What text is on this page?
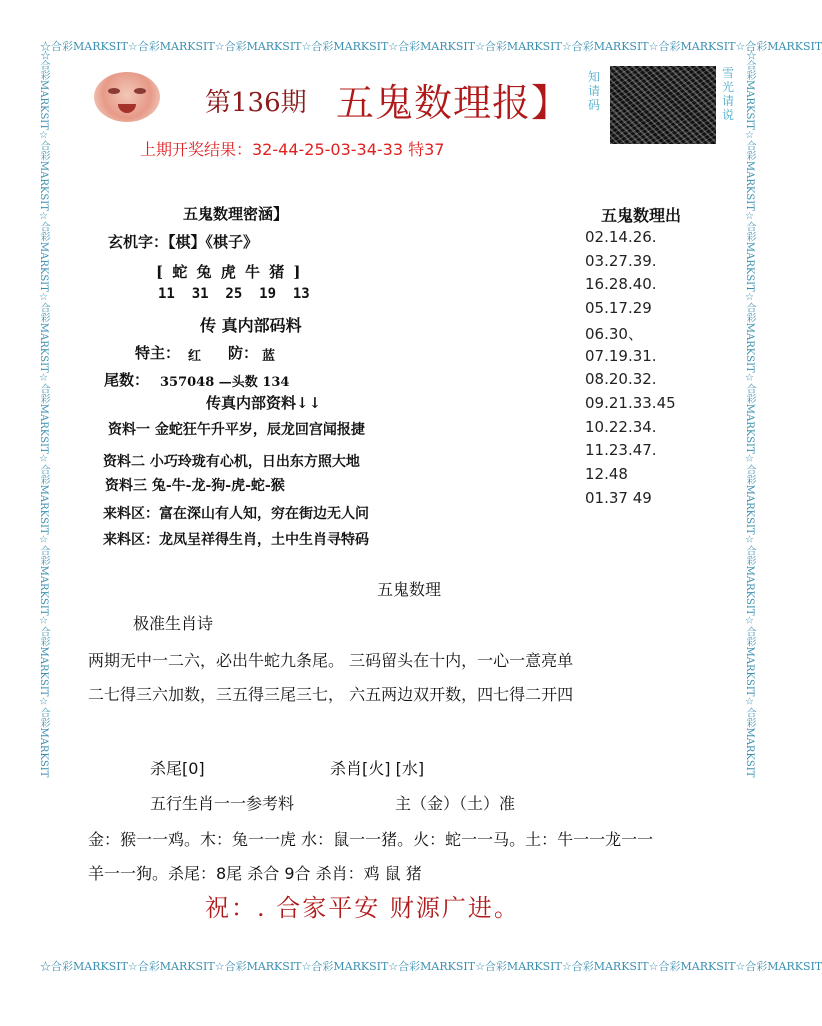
☆合彩MARKSIT☆合彩MARKSIT☆合彩MARKSIT☆合彩MARKSIT☆合彩MARKSIT☆合彩MARKSIT☆合彩MARKSIT☆合彩MARKSIT☆合彩MARKSIT
☆合彩MARKSIT☆合彩MARKSIT☆合彩MARKSIT☆合彩MARKSIT☆合彩MARKSIT☆合彩MARKSIT☆合彩MARKSIT☆合彩MARKSIT☆合彩MARKSIT
☆合彩MARKSIT☆合彩MARKSIT☆合彩MARKSIT☆合彩MARKSIT☆合彩MARKSIT☆合彩MARKSIT☆合彩MARKSIT☆合彩MARKSIT☆合彩MARKSIT	☆合彩MARKSIT☆合彩MARKSIT☆合彩MARKSIT☆合彩MARKSIT☆合彩MARKSIT☆合彩MARKSIT☆合彩MARKSIT☆合彩MARKSIT☆合彩MARKSIT
第136期 五鬼数理报】
知
请
码
雪
光
请
说
上期开奖结果：32-44-25-03-34-33 特37
五鬼数理密涵】
玄机字：【棋】《棋子》
[ 蛇 兔 虎 牛 猪 ]
11  31  25  19  13
传 真内部码料
特主： 红 防： 蓝
尾数： 357048 —头数 134
传真内部资料↓↓
资料一 金蛇狂午升平岁，辰龙回宫闻报捷
资料二 小巧玲珑有心机，日出东方照大地
资料三 兔-牛-龙-狗-虎-蛇-猴
来料区：富在深山有人知，穷在街边无人问
来料区：龙凤呈祥得生肖，土中生肖寻特码
五鬼数理出
02.14.26.
03.27.39.
16.28.40.
05.17.29
06.30、
07.19.31.
08.20.32.
09.21.33.45
10.22.34.
11.23.47.
12.48
01.37 49
五鬼数理
极准生肖诗
两期无中一二六，必出牛蛇九条尾。 三码留头在十内，一心一意亮单
二七得三六加数，三五得三尾三七， 六五两边双开数，四七得二开四
杀尾[0]	杀肖[火] [水]
五行生肖一一参考料	主（金）（土）准
金：猴一一鸡。木：兔一一虎 水：鼠一一猪。火：蛇一一马。土：牛一一龙一一
羊一一狗。杀尾：8尾 杀合 9合 杀肖：鸡 鼠 猪
祝：. 合家平安 财源广进。
